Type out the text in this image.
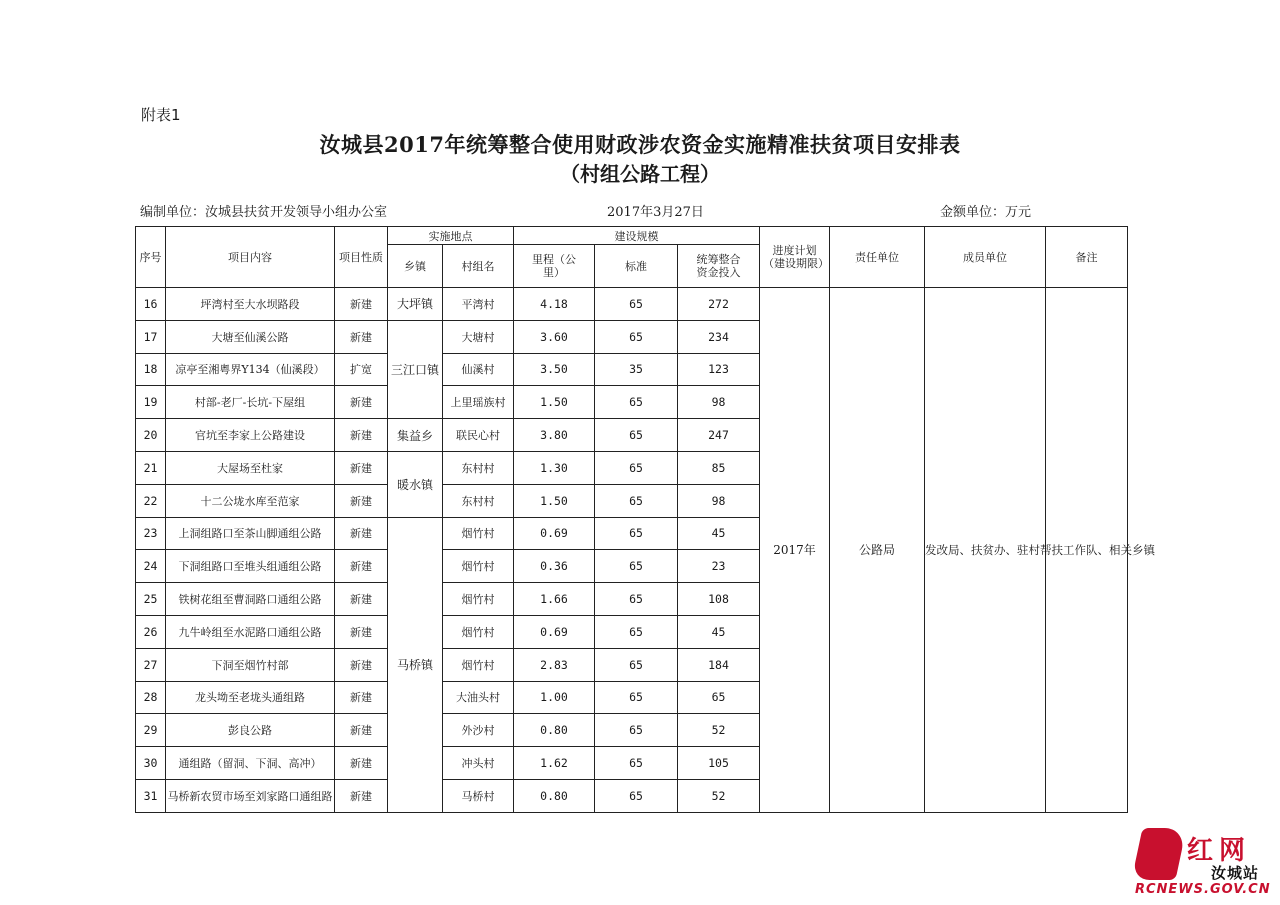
附表1
汝城县2017年统筹整合使用财政涉农资金实施精准扶贫项目安排表
（村组公路工程）
编制单位：汝城县扶贫开发领导小组办公室	2017年3月27日	金额单位：万元
序号	项目内容	项目性质	实施地点		建设规模			进度计划（建设期限）	责任单位	成员单位	备注
			乡镇	村组名	里程（公里）	标准	统筹整合资金投入				
16	坪湾村至大水坝路段	新建	大坪镇	平湾村	4.18	65	272	2017年	公路局	发改局、扶贫办、驻村帮扶工作队、相关乡镇	
17	大塘至仙溪公路	新建	三江口镇	大塘村	3.60	65	234				
18	凉亭至湘粤界Y134（仙溪段）	扩宽		仙溪村	3.50	35	123				
19	村部-老厂-长坑-下屋组	新建		上里瑶族村	1.50	65	98				
20	官坑至李家上公路建设	新建	集益乡	联民心村	3.80	65	247				
21	大屋场至杜家	新建	暖水镇	东村村	1.30	65	85				
22	十二公垅水库至范家	新建		东村村	1.50	65	98				
23	上洞组路口至茶山脚通组公路	新建	马桥镇	烟竹村	0.69	65	45				
24	下洞组路口至堆头组通组公路	新建		烟竹村	0.36	65	23				
25	铁树花组至曹洞路口通组公路	新建		烟竹村	1.66	65	108				
26	九牛岭组至水泥路口通组公路	新建		烟竹村	0.69	65	45				
27	下洞至烟竹村部	新建		烟竹村	2.83	65	184				
28	龙头坳至老垅头通组路	新建		大油头村	1.00	65	65				
29	彭良公路	新建		外沙村	0.80	65	52				
30	通组路（留洞、下洞、高冲）	新建		冲头村	1.62	65	105				
31	马桥新农贸市场至刘家路口通组路	新建		马桥村	0.80	65	52				
红网
汝城站
RCNEWS.GOV.CN
